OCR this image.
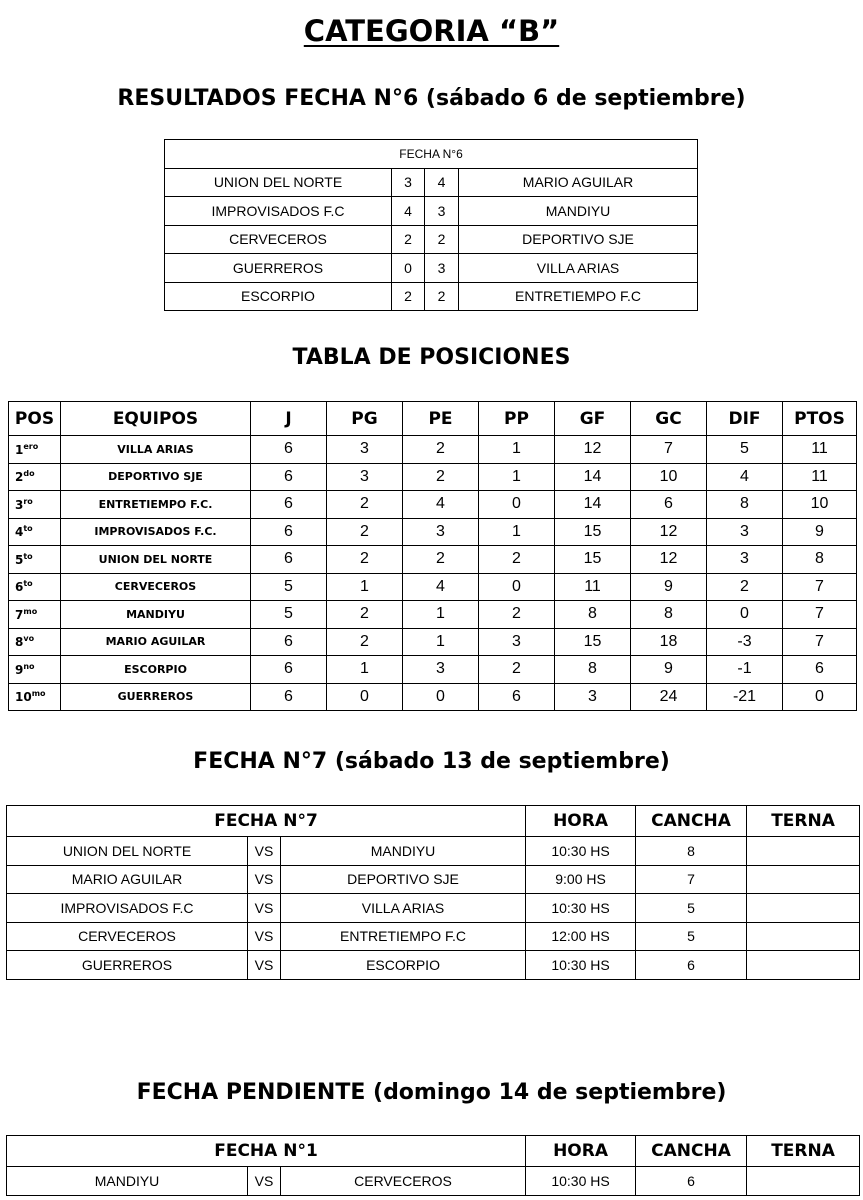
CATEGORIA “B”
RESULTADOS FECHA N°6 (sábado 6 de septiembre)
FECHA N°6			
UNION DEL NORTE	3	4	MARIO AGUILAR
IMPROVISADOS F.C	4	3	MANDIYU
CERVECEROS	2	2	DEPORTIVO SJE
GUERREROS	0	3	VILLA ARIAS
ESCORPIO	2	2	ENTRETIEMPO F.C
TABLA DE POSICIONES
POS	EQUIPOS	J	PG	PE	PP	GF	GC	DIF	PTOS
$1^{ero}$	VILLA ARIAS	6	3	2	1	12	7	5	11
$2^{do}$	DEPORTIVO SJE	6	3	2	1	14	10	4	11
$3^{ro}$	ENTRETIEMPO F.C.	6	2	4	0	14	6	8	10
$4^{to}$	IMPROVISADOS F.C.	6	2	3	1	15	12	3	9
$5^{to}$	UNION DEL NORTE	6	2	2	2	15	12	3	8
$6^{to}$	CERVECEROS	5	1	4	0	11	9	2	7
$7^{mo}$	MANDIYU	5	2	1	2	8	8	0	7
$8^{vo}$	MARIO AGUILAR	6	2	1	3	15	18	-3	7
$9^{no}$	ESCORPIO	6	1	3	2	8	9	-1	6
$10^{mo}$	GUERREROS	6	0	0	6	3	24	-21	0
FECHA N°7 (sábado 13 de septiembre)
FECHA N°7			HORA	CANCHA	TERNA
UNION DEL NORTE	VS	MANDIYU	10:30 HS	8	
MARIO AGUILAR	VS	DEPORTIVO SJE	9:00 HS	7	
IMPROVISADOS F.C	VS	VILLA ARIAS	10:30 HS	5	
CERVECEROS	VS	ENTRETIEMPO F.C	12:00 HS	5	
GUERREROS	VS	ESCORPIO	10:30 HS	6	
FECHA PENDIENTE (domingo 14 de septiembre)
FECHA N°1			HORA	CANCHA	TERNA
MANDIYU	VS	CERVECEROS	10:30 HS	6	
